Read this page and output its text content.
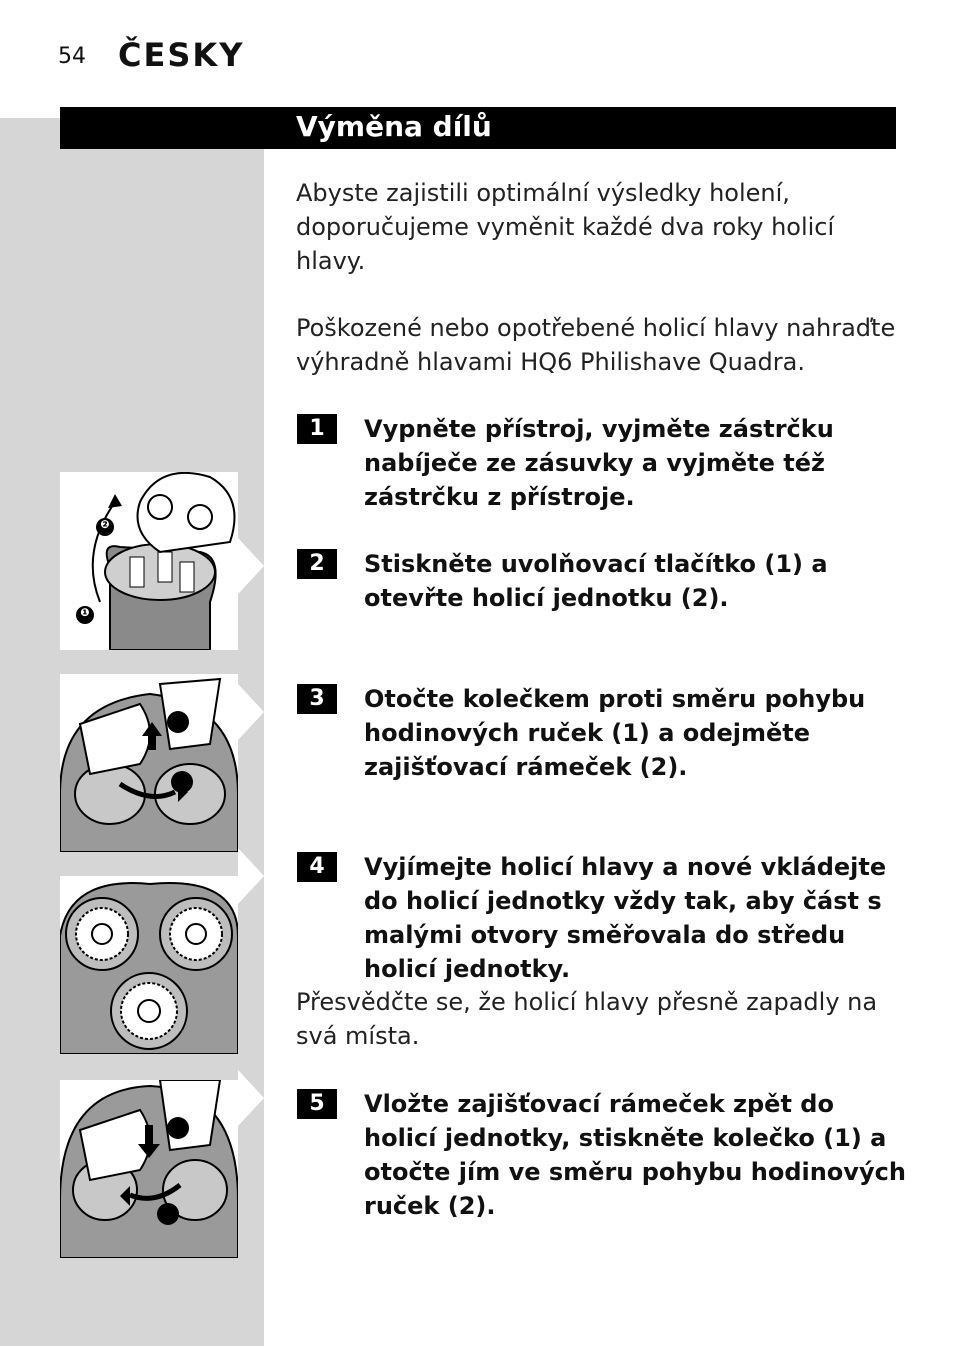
54 ČESKY
Výměna dílů
Abyste zajistili optimální výsledky holení, doporučujeme vyměnit každé dva roky holicí hlavy.
Poškozené nebo opotřebené holicí hlavy nahraďte výhradně hlavami HQ6 Philishave Quadra.
1	Vypněte přístroj, vyjměte zástrčku nabíječe ze zásuvky a vyjměte též zástrčku z přístroje.
2	Stiskněte uvolňovací tlačítko (1) a otevřte holicí jednotku (2).
3	Otočte kolečkem proti směru pohybu hodinových ruček (1) a odejměte zajišťovací rámeček (2).
4	Vyjímejte holicí hlavy a nové vkládejte do holicí jednotky vždy tak, aby část s malými otvory směřovala do středu holicí jednotky.
Přesvědčte se, že holicí hlavy přesně zapadly na svá místa.
5	Vložte zajišťovací rámeček zpět do holicí jednotky, stiskněte kolečko (1) a otočte jím ve směru pohybu hodinových ruček (2).
❷
❶
